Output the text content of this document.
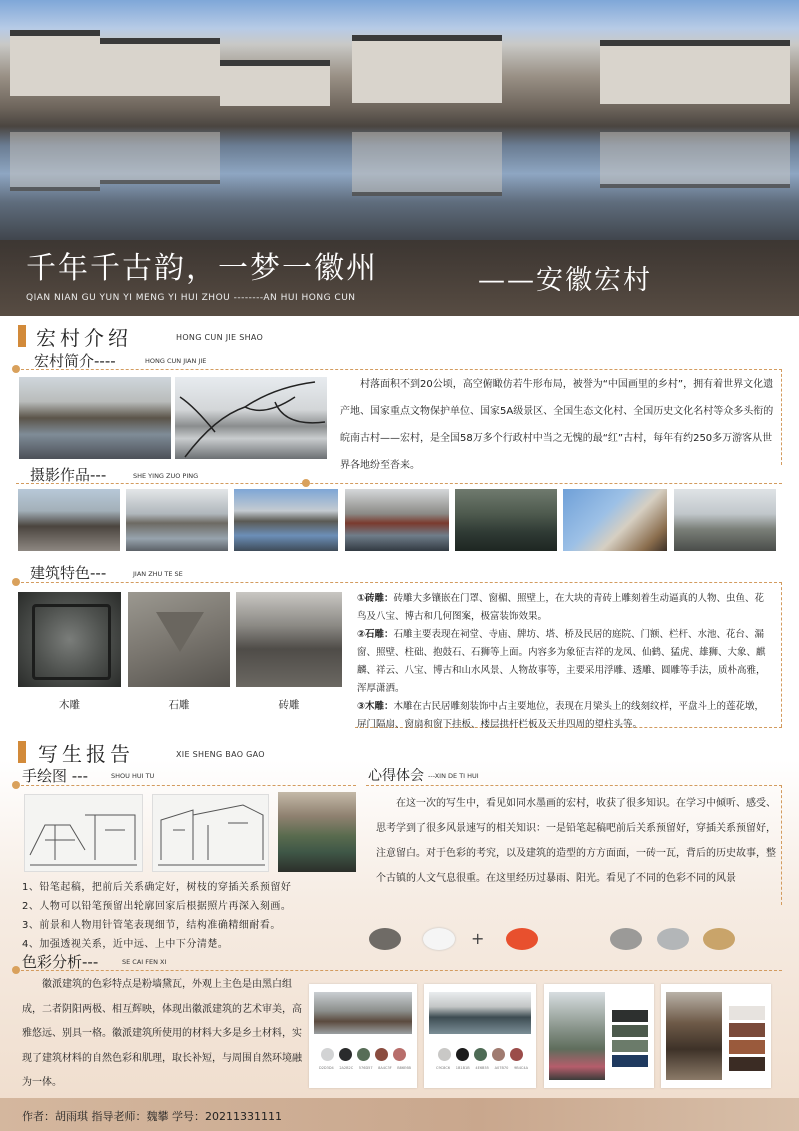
千年千古韵，一梦一徽州	——安徽宏村
QIAN NIAN GU YUN YI MENG YI HUI ZHOU --------AN HUI HONG CUN
宏村介绍	HONG CUN JIE SHAO
宏村简介----	HONG CUN JIAN JIE
村落面积不到20公顷，高空俯瞰仿若牛形布局，被誉为“中国画里的乡村”，拥有着世界文化遗产地、国家重点文物保护单位、国家5A级景区、全国生态文化村、全国历史文化名村等众多头衔的皖南古村——宏村，是全国58万多个行政村中当之无愧的最“红”古村，每年有约250多万游客从世界各地纷至沓来。
摄影作品---	SHE YING ZUO PING
建筑特色---	JIAN ZHU TE SE
木雕	石雕	砖雕
①砖雕：砖雕大多镶嵌在门罩、窗楣、照壁上，在大块的青砖上雕刻着生动逼真的人物、虫鱼、花鸟及八宝、博古和几何图案，极富装饰效果。
②石雕：石雕主要表现在祠堂、寺庙、牌坊、塔、桥及民居的庭院、门额、栏杆、水池、花台、漏窗、照壁、柱础、抱鼓石、石狮等上面。内容多为象征吉祥的龙凤、仙鹤、猛虎、雄狮、大象、麒麟、祥云、八宝、博古和山水风景、人物故事等，主要采用浮雕、透雕、圆雕等手法，质朴高雅，浑厚潇洒。
③木雕：木雕在古民居雕刻装饰中占主要地位，表现在月梁头上的线刻纹样，平盘斗上的莲花墩，屏门隔扇、窗扇和窗下挂板、楼层拱杆栏板及天井四周的望柱头等。
写生报告	XIE SHENG BAO GAO
手绘图 ---	SHOU HUI TU
1、铅笔起稿，把前后关系确定好，树枝的穿插关系预留好
2、人物可以铅笔预留出轮廓回家后根据照片再深入刻画。
3、前景和人物用针管笔表现细节，结构准确精细耐看。
4、加强透视关系，近中远、上中下分清楚。
心得体会 ---XIN DE TI HUI
在这一次的写生中，看见如同水墨画的宏村，收获了很多知识。在学习中倾听、感受、思考学到了很多风景速写的相关知识：一是铅笔起稿吧前后关系预留好，穿插关系预留好，注意留白。对于色彩的考究，以及建筑的造型的方方面面，一砖一瓦，背后的历史故事，整个古镇的人文气息很重。在这里经历过暴雨、阳光。看见了不同的色彩不同的风景
+
色彩分析---	SE CAI FEN XI
徽派建筑的色彩特点是粉墙黛瓦，外观上主色是由黑白组成，二者阴阳两极、相互辉映，体现出徽派建筑的艺术审美，高雅悠远、别具一格。徽派建筑所使用的材料大多是乡土材料，实现了建筑材料的自然色彩和肌理，取长补短，与周围自然环境融为一体。
D2D3D4 2A2B2C 576D57 8A4C3F B86E6B	C9C8C6 1B1B1B 4E6B55 A07B70 9B4C4A
作者：胡雨琪 指导老师：魏攀 学号：20211331111
